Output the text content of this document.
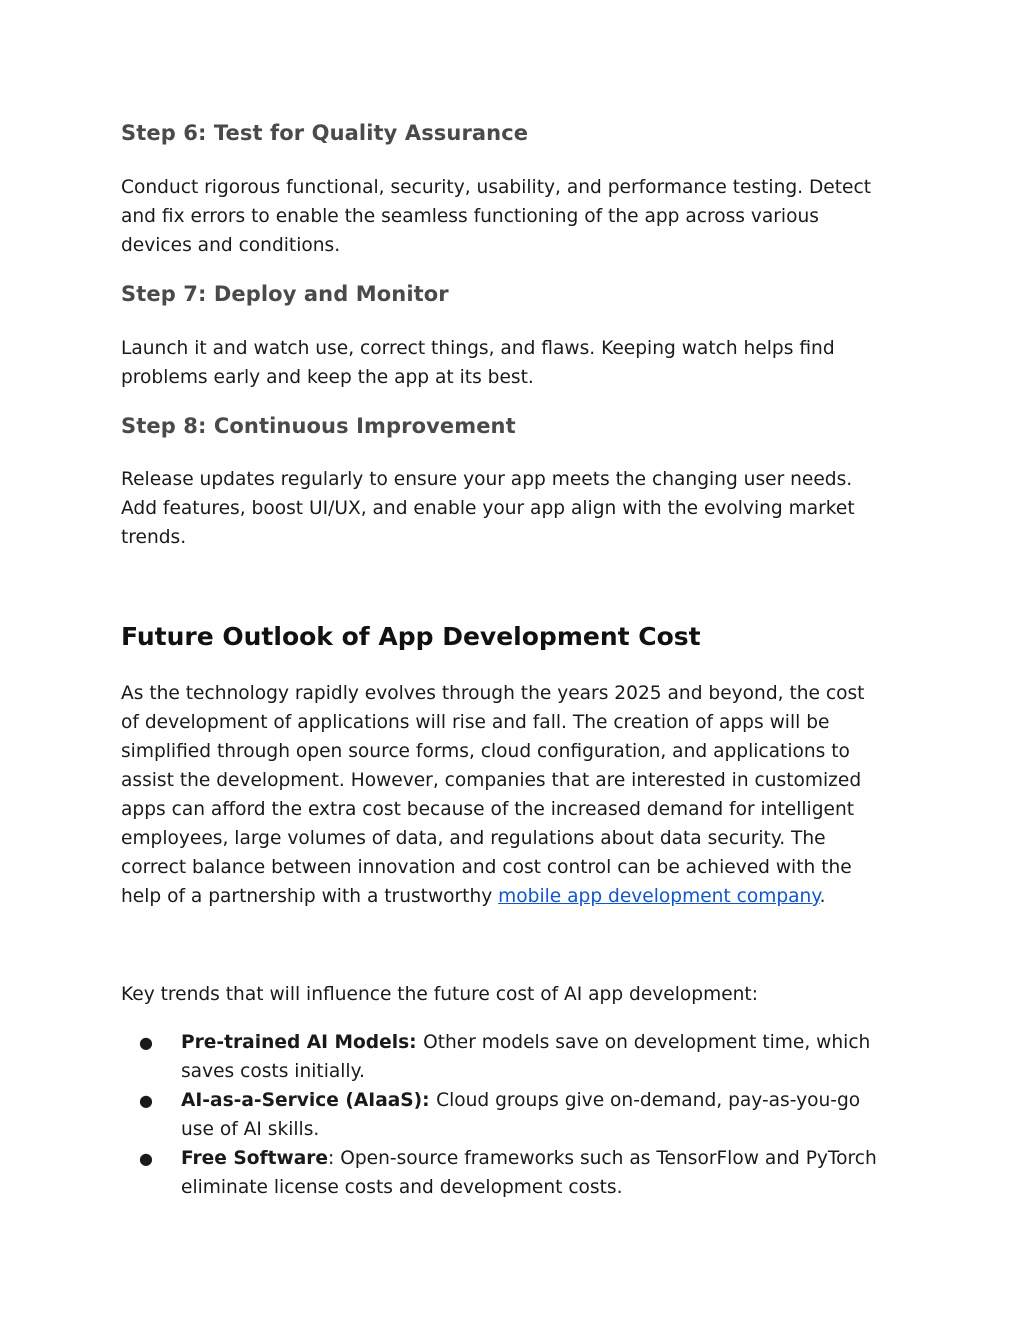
Step 6: Test for Quality Assurance

Conduct rigorous functional, security, usability, and performance testing. Detect
and fix errors to enable the seamless functioning of the app across various
devices and conditions.

Step 7: Deploy and Monitor

Launch it and watch use, correct things, and flaws. Keeping watch helps find
problems early and keep the app at its best.

Step 8: Continuous Improvement

Release updates regularly to ensure your app meets the changing user needs.
Add features, boost UI/UX, and enable your app align with the evolving market
trends.

Future Outlook of App Development Cost

As the technology rapidly evolves through the years 2025 and beyond, the cost
of development of applications will rise and fall. The creation of apps will be
simplified through open source forms, cloud configuration, and applications to
assist the development. However, companies that are interested in customized
apps can afford the extra cost because of the increased demand for intelligent
employees, large volumes of data, and regulations about data security. The
correct balance between innovation and cost control can be achieved with the
help of a partnership with a trustworthy mobile app development company.

Key trends that will influence the future cost of AI app development:

● Pre-trained AI Models: Other models save on development time, which
saves costs initially.
● AI-as-a-Service (AIaaS): Cloud groups give on-demand, pay-as-you-go
use of AI skills.
● Free Software: Open-source frameworks such as TensorFlow and PyTorch
eliminate license costs and development costs.
